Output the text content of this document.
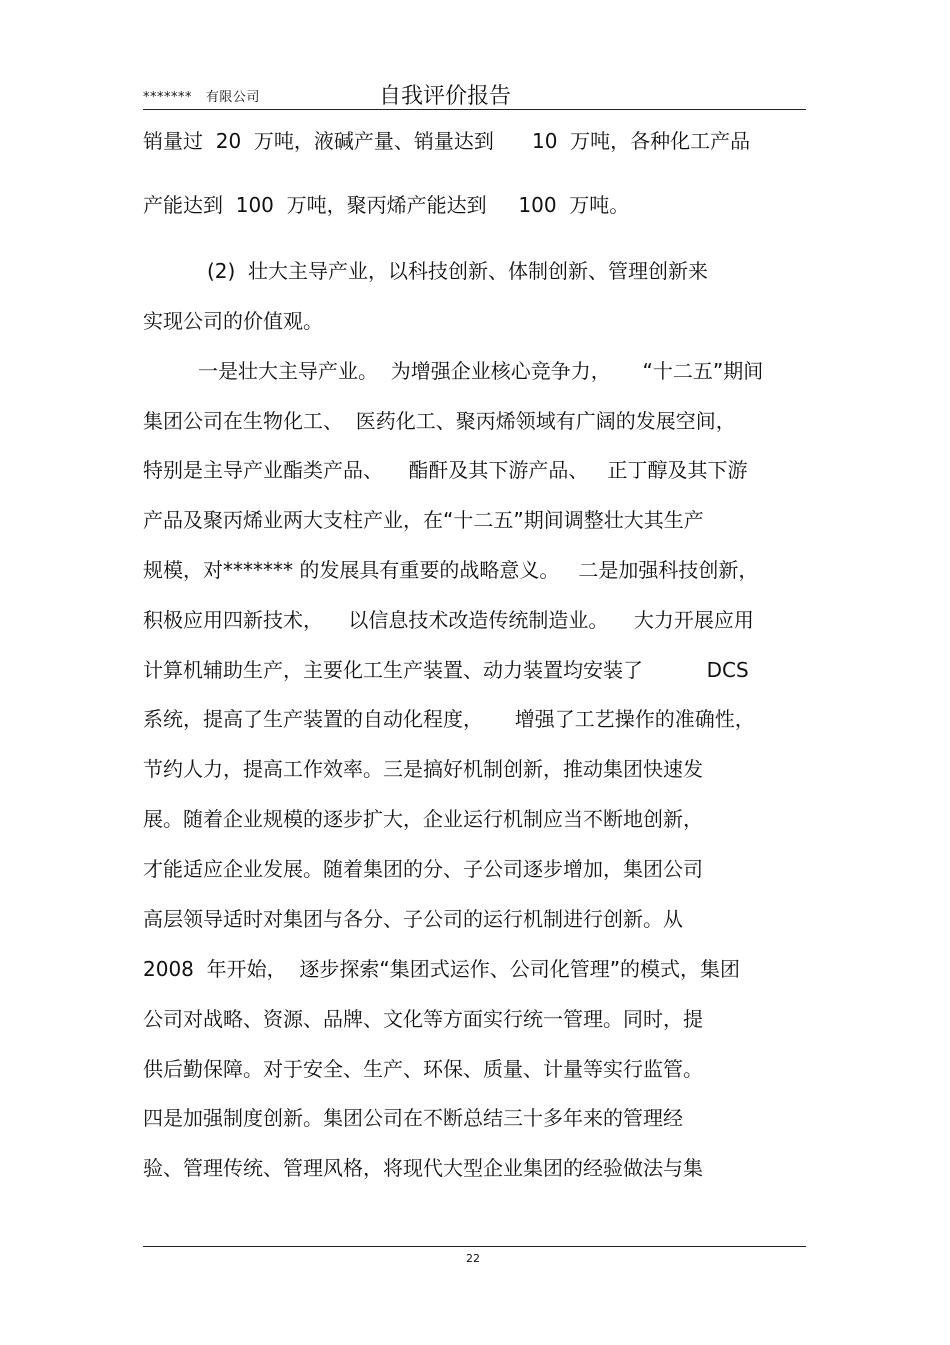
*******   有限公司	自我评价报告
销量过  20  万吨，液碱产量、销量达到      10  万吨，各种化工产品
产能达到  100  万吨，聚丙烯产能达到     100  万吨。
(2)  壮大主导产业，以科技创新、体制创新、管理创新来
实现公司的价值观。
一是壮大主导产业。  为增强企业核心竞争力，     “十二五”期间
集团公司在生物化工、  医药化工、聚丙烯领域有广阔的发展空间，
特别是主导产业酯类产品、    酯酐及其下游产品、   正丁醇及其下游
产品及聚丙烯业两大支柱产业，在“十二五”期间调整壮大其生产
规模，对******* 的发展具有重要的战略意义。   二是加强科技创新，
积极应用四新技术，    以信息技术改造传统制造业。    大力开展应用
计算机辅助生产，主要化工生产装置、动力装置均安装了          DCS
系统，提高了生产装置的自动化程度，     增强了工艺操作的准确性，
节约人力，提高工作效率。三是搞好机制创新，推动集团快速发
展。随着企业规模的逐步扩大，企业运行机制应当不断地创新，
才能适应企业发展。随着集团的分、子公司逐步增加，集团公司
高层领导适时对集团与各分、子公司的运行机制进行创新。从
2008  年开始，  逐步探索“集团式运作、公司化管理”的模式，集团
公司对战略、资源、品牌、文化等方面实行统一管理。同时，提
供后勤保障。对于安全、生产、环保、质量、计量等实行监管。
四是加强制度创新。集团公司在不断总结三十多年来的管理经
验、管理传统、管理风格，将现代大型企业集团的经验做法与集
22
